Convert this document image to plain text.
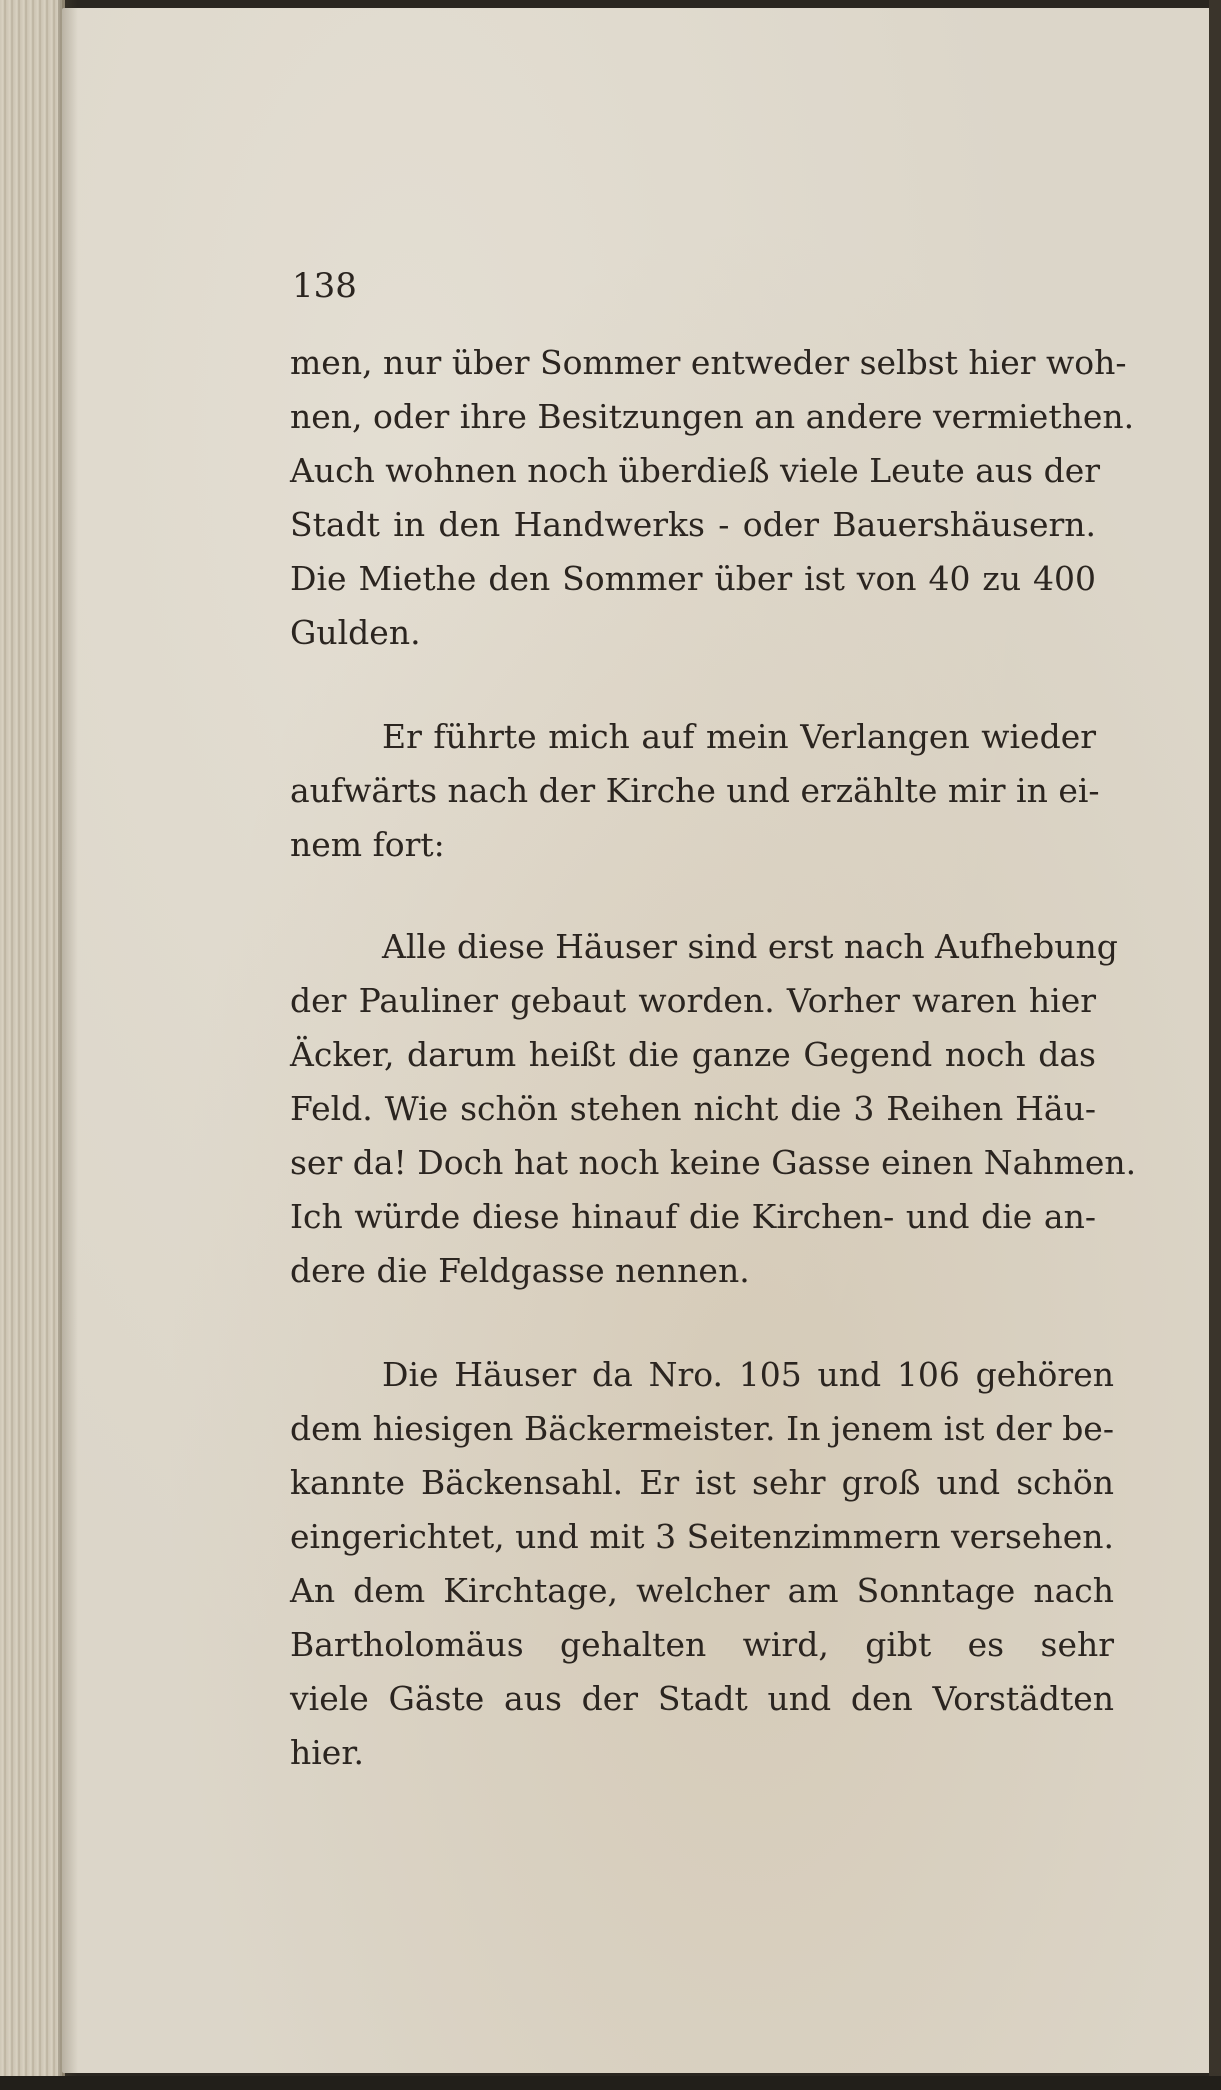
138
men, nur über Sommer entweder selbst hier woh-
nen, oder ihre Besitzungen an andere vermiethen.
Auch wohnen noch überdieß viele Leute aus der
Stadt in den Handwerks - oder Bauershäusern.
Die Miethe den Sommer über ist von 40 zu 400
Gulden.
Er führte mich auf mein Verlangen wieder
aufwärts nach der Kirche und erzählte mir in ei-
nem fort:
Alle diese Häuser sind erst nach Aufhebung
der Pauliner gebaut worden. Vorher waren hier
Äcker, darum heißt die ganze Gegend noch das
Feld. Wie schön stehen nicht die 3 Reihen Häu-
ser da! Doch hat noch keine Gasse einen Nahmen.
Ich würde diese hinauf die Kirchen- und die an-
dere die Feldgasse nennen.
Die Häuser da Nro. 105 und 106 gehören
dem hiesigen Bäckermeister. In jenem ist der be-
kannte Bäckensahl. Er ist sehr groß und schön
eingerichtet, und mit 3 Seitenzimmern versehen.
An dem Kirchtage, welcher am Sonntage nach
Bartholomäus gehalten wird, gibt es sehr
viele Gäste aus der Stadt und den Vorstädten
hier.
